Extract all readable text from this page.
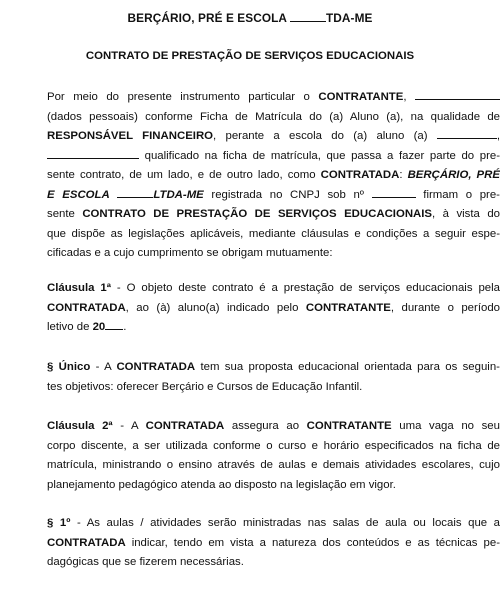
BERÇÁRIO, PRÉ E ESCOLA	TDA-ME
CONTRATO DE PRESTAÇÃO DE SERVIÇOS EDUCACIONAIS
Por meio do presente instrumento particular o CONTRATANTE,
(dados pessoais) conforme Ficha de Matrícula do (a) Aluno (a), na qualidade de
RESPONSÁVEL FINANCEIRO, perante a escola do (a) aluno (a)	,
qualificado na ficha de matrícula, que passa a fazer parte do pre-
sente contrato, de um lado, e de outro lado, como CONTRATADA: BERÇÁRIO, PRÉ
E ESCOLA	LTDA-ME registrada no CNPJ sob nº	firmam o pre-
sente CONTRATO DE PRESTAÇÃO DE SERVIÇOS EDUCACIONAIS, à vista do
que dispõe as legislações aplicáveis, mediante cláusulas e condições a seguir espe-
cificadas e a cujo cumprimento se obrigam mutuamente:
Cláusula 1ª - O objeto deste contrato é a prestação de serviços educacionais pela
CONTRATADA, ao (à) aluno(a) indicado pelo CONTRATANTE, durante o período
letivo de 20 .
§ Único - A CONTRATADA tem sua proposta educacional orientada para os seguin-
tes objetivos: oferecer Berçário e Cursos de Educação Infantil.
Cláusula 2ª - A CONTRATADA assegura ao CONTRATANTE uma vaga no seu
corpo discente, a ser utilizada conforme o curso e horário especificados na ficha de
matrícula, ministrando o ensino através de aulas e demais atividades escolares, cujo
planejamento pedagógico atenda ao disposto na legislação em vigor.
§ 1º - As aulas / atividades serão ministradas nas salas de aula ou locais que a
CONTRATADA indicar, tendo em vista a natureza dos conteúdos e as técnicas pe-
dagógicas que se fizerem necessárias.
